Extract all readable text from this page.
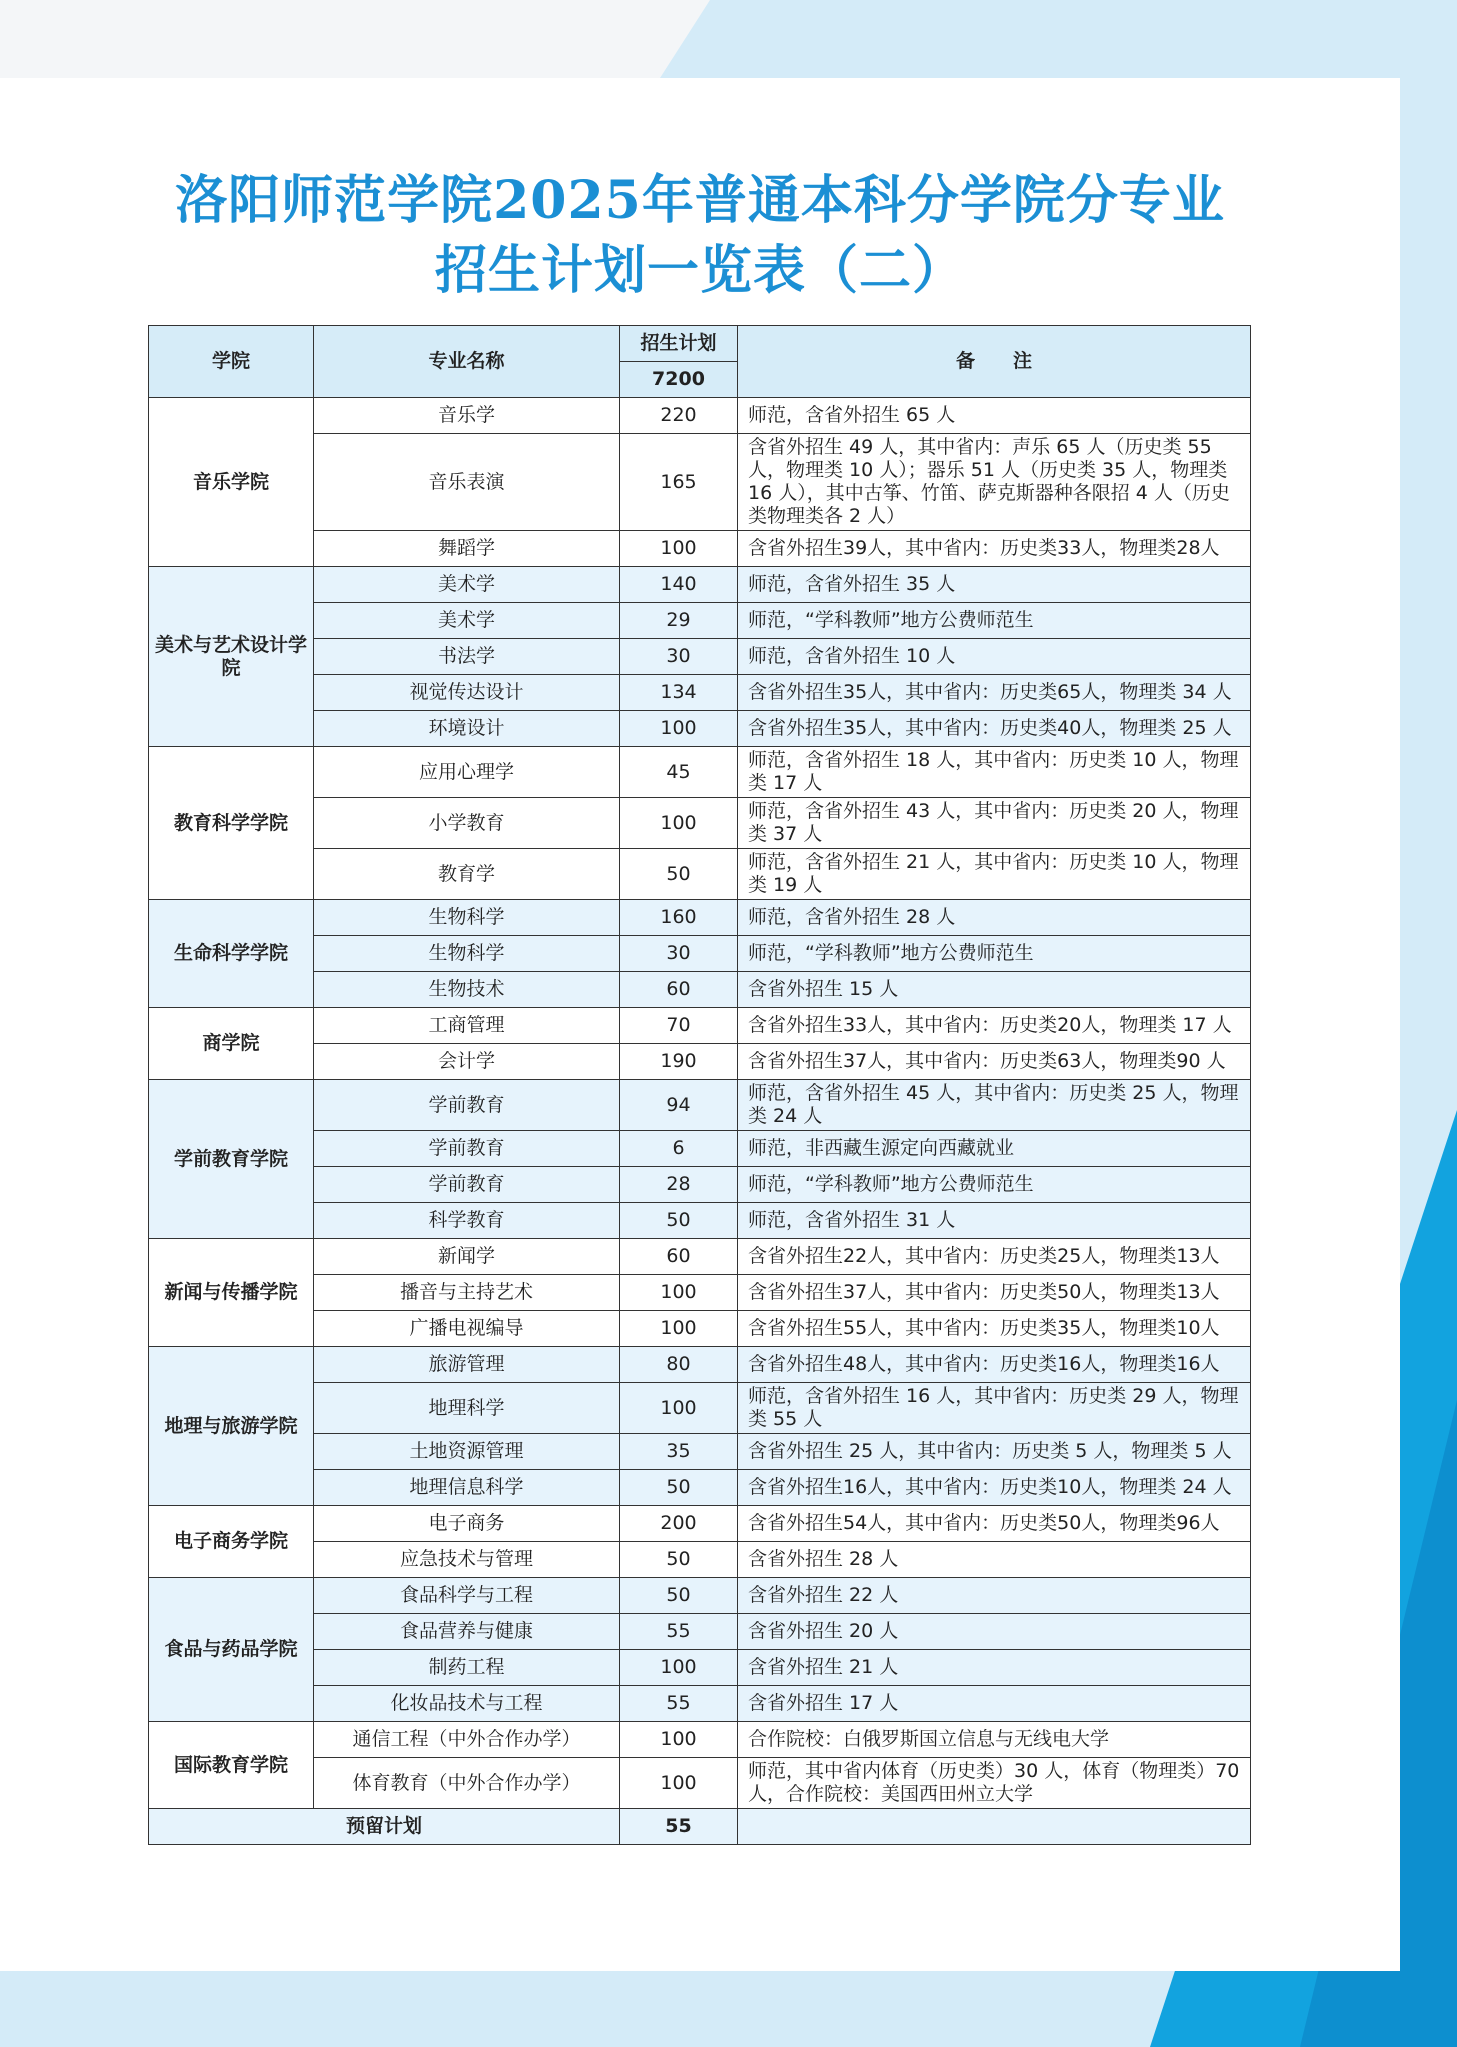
洛阳师范学院2025年普通本科分学院分专业
招生计划一览表（二）
学院	专业名称	招生计划	备　　注
		7200	
音乐学院	音乐学	220	师范，含省外招生 65 人
	音乐表演	165	含省外招生 49 人，其中省内：声乐 65 人（历史类 55 人，物理类 10 人）；器乐 51 人（历史类 35 人，物理类 16 人），其中古筝、竹笛、萨克斯器种各限招 4 人（历史类物理类各 2 人）
	舞蹈学	100	含省外招生39人，其中省内：历史类33人，物理类28人
美术与艺术设计学院	美术学	140	师范，含省外招生 35 人
	美术学	29	师范，“学科教师”地方公费师范生
	书法学	30	师范，含省外招生 10 人
	视觉传达设计	134	含省外招生35人，其中省内：历史类65人，物理类 34 人
	环境设计	100	含省外招生35人，其中省内：历史类40人，物理类 25 人
教育科学学院	应用心理学	45	师范，含省外招生 18 人，其中省内：历史类 10 人，物理类 17 人
	小学教育	100	师范，含省外招生 43 人，其中省内：历史类 20 人，物理类 37 人
	教育学	50	师范，含省外招生 21 人，其中省内：历史类 10 人，物理类 19 人
生命科学学院	生物科学	160	师范，含省外招生 28 人
	生物科学	30	师范，“学科教师”地方公费师范生
	生物技术	60	含省外招生 15 人
商学院	工商管理	70	含省外招生33人，其中省内：历史类20人，物理类 17 人
	会计学	190	含省外招生37人，其中省内：历史类63人，物理类90 人
学前教育学院	学前教育	94	师范，含省外招生 45 人，其中省内：历史类 25 人，物理类 24 人
	学前教育	6	师范，非西藏生源定向西藏就业
	学前教育	28	师范，“学科教师”地方公费师范生
	科学教育	50	师范，含省外招生 31 人
新闻与传播学院	新闻学	60	含省外招生22人，其中省内：历史类25人，物理类13人
	播音与主持艺术	100	含省外招生37人，其中省内：历史类50人，物理类13人
	广播电视编导	100	含省外招生55人，其中省内：历史类35人，物理类10人
地理与旅游学院	旅游管理	80	含省外招生48人，其中省内：历史类16人，物理类16人
	地理科学	100	师范，含省外招生 16 人，其中省内：历史类 29 人，物理类 55 人
	土地资源管理	35	含省外招生 25 人，其中省内：历史类 5 人，物理类 5 人
	地理信息科学	50	含省外招生16人，其中省内：历史类10人，物理类 24 人
电子商务学院	电子商务	200	含省外招生54人，其中省内：历史类50人，物理类96人
	应急技术与管理	50	含省外招生 28 人
食品与药品学院	食品科学与工程	50	含省外招生 22 人
	食品营养与健康	55	含省外招生 20 人
	制药工程	100	含省外招生 21 人
	化妆品技术与工程	55	含省外招生 17 人
国际教育学院	通信工程（中外合作办学）	100	合作院校：白俄罗斯国立信息与无线电大学
	体育教育（中外合作办学）	100	师范，其中省内体育（历史类）30 人，体育（物理类）70 人，合作院校：美国西田州立大学
预留计划		55	
